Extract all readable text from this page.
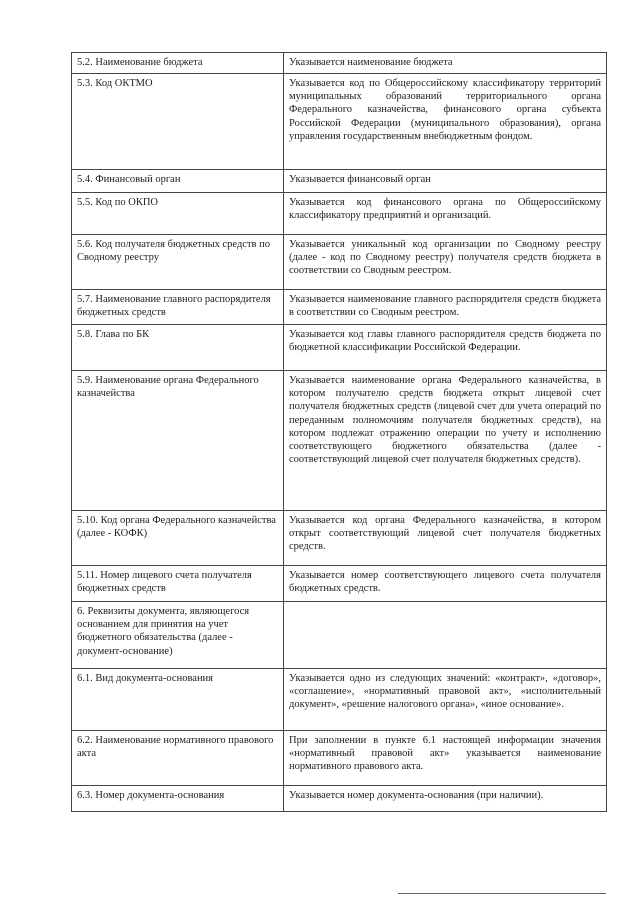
5.2. Наименование бюджета	Указывается наименование бюджета
5.3. Код ОКТМО	Указывается код по Общероссийскому классификатору территорий муниципальных образований территориального органа Федерального казначейства, финансового органа субъекта Российской Федерации (муниципального образования), органа управления государственным внебюджетным фондом.
5.4. Финансовый орган	Указывается финансовый орган
5.5. Код по ОКПО	Указывается код финансового органа по Общероссийскому классификатору предприятий и организаций.
5.6. Код получателя бюджетных средств по Сводному реестру	Указывается уникальный код организации по Сводному реестру (далее - код по Сводному реестру) получателя средств бюджета в соответствии со Сводным реестром.
5.7. Наименование главного распорядителя бюджетных средств	Указывается наименование главного распорядителя средств бюджета в соответствии со Сводным реестром.
5.8. Глава по БК	Указывается код главы главного распорядителя средств бюджета по бюджетной классификации Российской Федерации.
5.9. Наименование органа Федерального казначейства	Указывается наименование органа Федерального казначейства, в котором получателю средств бюджета открыт лицевой счет получателя бюджетных средств (лицевой счет для учета операций по переданным полномочиям получателя бюджетных средств), на котором подлежат отражению операции по учету и исполнению соответствующего бюджетного обязательства (далее - соответствующий лицевой счет получателя бюджетных средств).
5.10. Код органа Федерального казначейства (далее - КОФК)	Указывается код органа Федерального казначейства, в котором открыт соответствующий лицевой счет получателя бюджетных средств.
5.11. Номер лицевого счета получателя бюджетных средств	Указывается номер соответствующего лицевого счета получателя бюджетных средств.
6. Реквизиты документа, являющегося основанием для принятия на учет бюджетного обязательства (далее - документ-основание)	
6.1. Вид документа-основания	Указывается одно из следующих значений: «контракт», «договор», «соглашение», «нормативный правовой акт», «исполнительный документ», «решение налогового органа», «иное основание».
6.2. Наименование нормативного правового акта	При заполнении в пункте 6.1 настоящей информации значения «нормативный правовой акт» указывается наименование нормативного правового акта.
6.3. Номер документа-основания	Указывается номер документа-основания (при наличии).
